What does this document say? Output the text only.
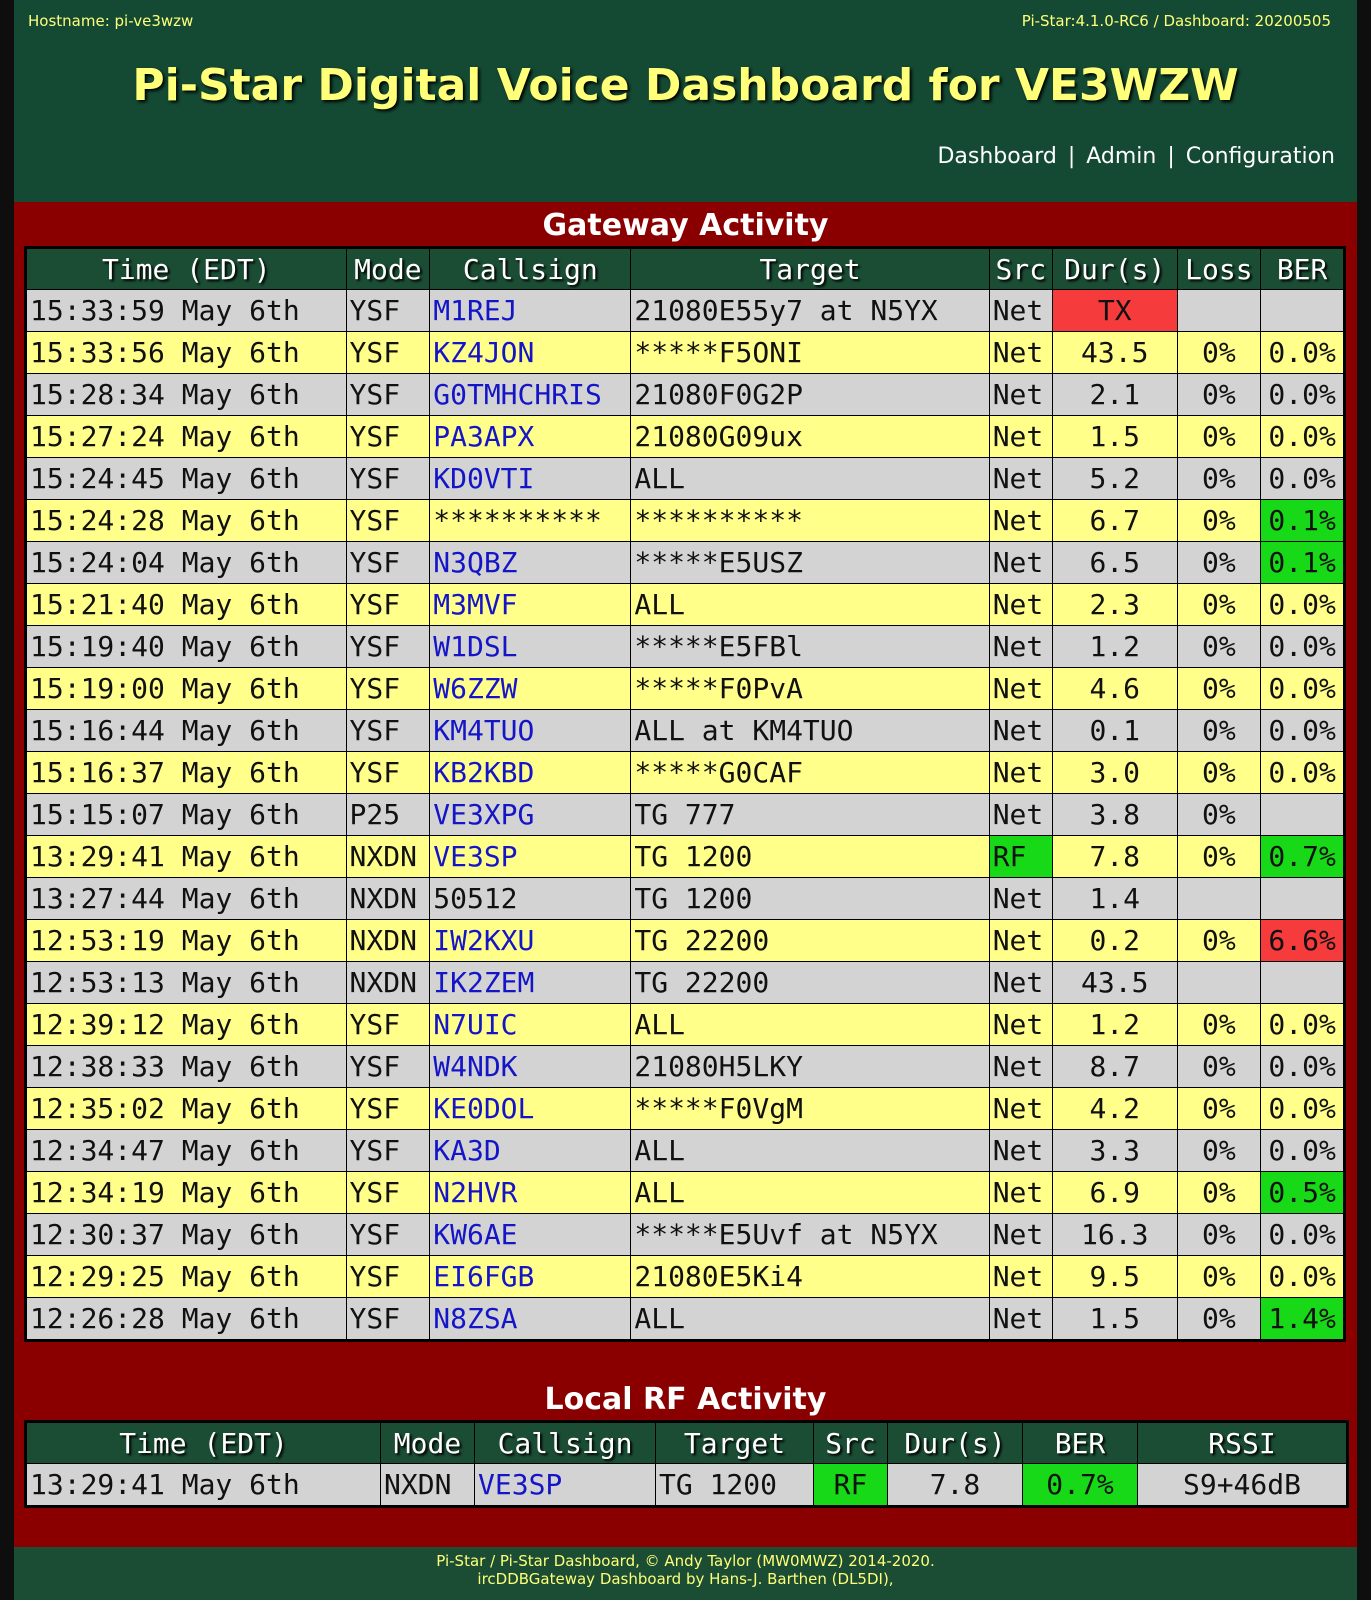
Hostname: pi-ve3wzw	Pi-Star:4.1.0-RC6 / Dashboard: 20200505
Pi-Star Digital Voice Dashboard for VE3WZW
Dashboard | Admin | Configuration
Gateway Activity
Time (EDT)	Mode	Callsign	Target	Src	Dur(s)	Loss	BER
15:33:59 May 6th	YSF	M1REJ	21080E55y7 at N5YX	Net	TX		
15:33:56 May 6th	YSF	KZ4JON	*****F5ONI	Net	43.5	0%	0.0%
15:28:34 May 6th	YSF	G0TMHCHRIS	21080F0G2P	Net	2.1	0%	0.0%
15:27:24 May 6th	YSF	PA3APX	21080G09ux	Net	1.5	0%	0.0%
15:24:45 May 6th	YSF	KD0VTI	ALL	Net	5.2	0%	0.0%
15:24:28 May 6th	YSF	**********	**********	Net	6.7	0%	0.1%
15:24:04 May 6th	YSF	N3QBZ	*****E5USZ	Net	6.5	0%	0.1%
15:21:40 May 6th	YSF	M3MVF	ALL	Net	2.3	0%	0.0%
15:19:40 May 6th	YSF	W1DSL	*****E5FBl	Net	1.2	0%	0.0%
15:19:00 May 6th	YSF	W6ZZW	*****F0PvA	Net	4.6	0%	0.0%
15:16:44 May 6th	YSF	KM4TUO	ALL at KM4TUO	Net	0.1	0%	0.0%
15:16:37 May 6th	YSF	KB2KBD	*****G0CAF	Net	3.0	0%	0.0%
15:15:07 May 6th	P25	VE3XPG	TG 777	Net	3.8	0%	
13:29:41 May 6th	NXDN	VE3SP	TG 1200	RF	7.8	0%	0.7%
13:27:44 May 6th	NXDN	50512	TG 1200	Net	1.4		
12:53:19 May 6th	NXDN	IW2KXU	TG 22200	Net	0.2	0%	6.6%
12:53:13 May 6th	NXDN	IK2ZEM	TG 22200	Net	43.5		
12:39:12 May 6th	YSF	N7UIC	ALL	Net	1.2	0%	0.0%
12:38:33 May 6th	YSF	W4NDK	21080H5LKY	Net	8.7	0%	0.0%
12:35:02 May 6th	YSF	KE0DOL	*****F0VgM	Net	4.2	0%	0.0%
12:34:47 May 6th	YSF	KA3D	ALL	Net	3.3	0%	0.0%
12:34:19 May 6th	YSF	N2HVR	ALL	Net	6.9	0%	0.5%
12:30:37 May 6th	YSF	KW6AE	*****E5Uvf at N5YX	Net	16.3	0%	0.0%
12:29:25 May 6th	YSF	EI6FGB	21080E5Ki4	Net	9.5	0%	0.0%
12:26:28 May 6th	YSF	N8ZSA	ALL	Net	1.5	0%	1.4%
Local RF Activity
Time (EDT)	Mode	Callsign	Target	Src	Dur(s)	BER	RSSI
13:29:41 May 6th	NXDN	VE3SP	TG 1200	RF	7.8	0.7%	S9+46dB
Pi-Star / Pi-Star Dashboard, © Andy Taylor (MW0MWZ) 2014-2020.
ircDDBGateway Dashboard by Hans-J. Barthen (DL5DI),
